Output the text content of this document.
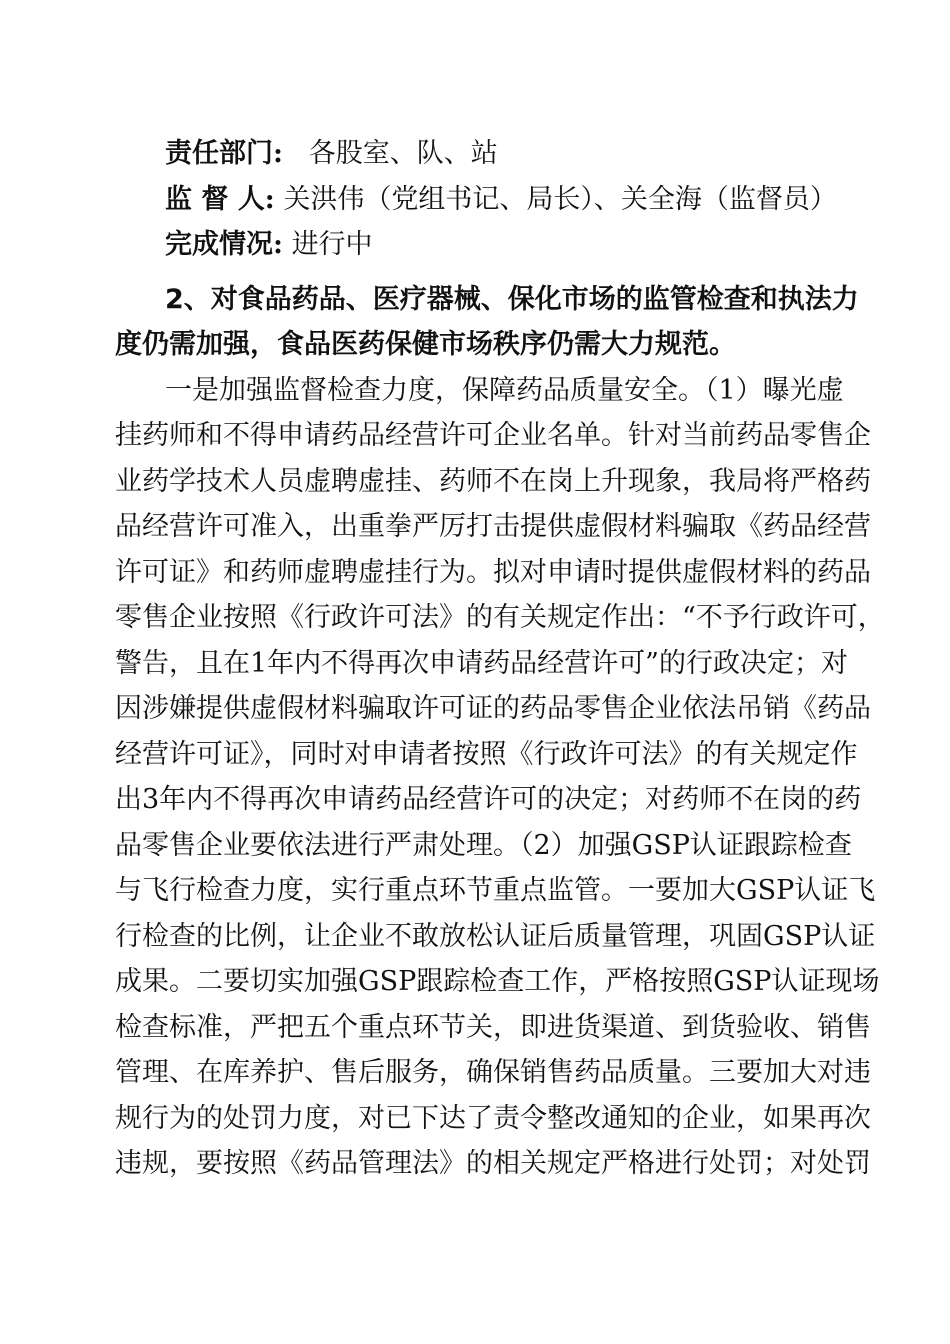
责任部门: 各股室、队、站
监 督 人: 关洪伟（党组书记、局长）、关全海（监督员）
完成情况: 进行中
2、对食品药品、医疗器械、保化市场的监管检查和执法力
度仍需加强，食品医药保健市场秩序仍需大力规范。
一是加强监督检查力度，保障药品质量安全。（1）曝光虚
挂药师和不得申请药品经营许可企业名单。针对当前药品零售企
业药学技术人员虚聘虚挂、药师不在岗上升现象，我局将严格药
品经营许可准入，出重拳严厉打击提供虚假材料骗取《药品经营
许可证》和药师虚聘虚挂行为。拟对申请时提供虚假材料的药品
零售企业按照《行政许可法》的有关规定作出：“不予行政许可，
警告，且在1年内不得再次申请药品经营许可”的行政决定；对
因涉嫌提供虚假材料骗取许可证的药品零售企业依法吊销《药品
经营许可证》，同时对申请者按照《行政许可法》的有关规定作
出3年内不得再次申请药品经营许可的决定；对药师不在岗的药
品零售企业要依法进行严肃处理。（2）加强GSP认证跟踪检查
与飞行检查力度，实行重点环节重点监管。一要加大GSP认证飞
行检查的比例，让企业不敢放松认证后质量管理，巩固GSP认证
成果。二要切实加强GSP跟踪检查工作，严格按照GSP认证现场
检查标准，严把五个重点环节关，即进货渠道、到货验收、销售
管理、在库养护、售后服务，确保销售药品质量。三要加大对违
规行为的处罚力度，对已下达了责令整改通知的企业，如果再次
违规，要按照《药品管理法》的相关规定严格进行处罚；对处罚
